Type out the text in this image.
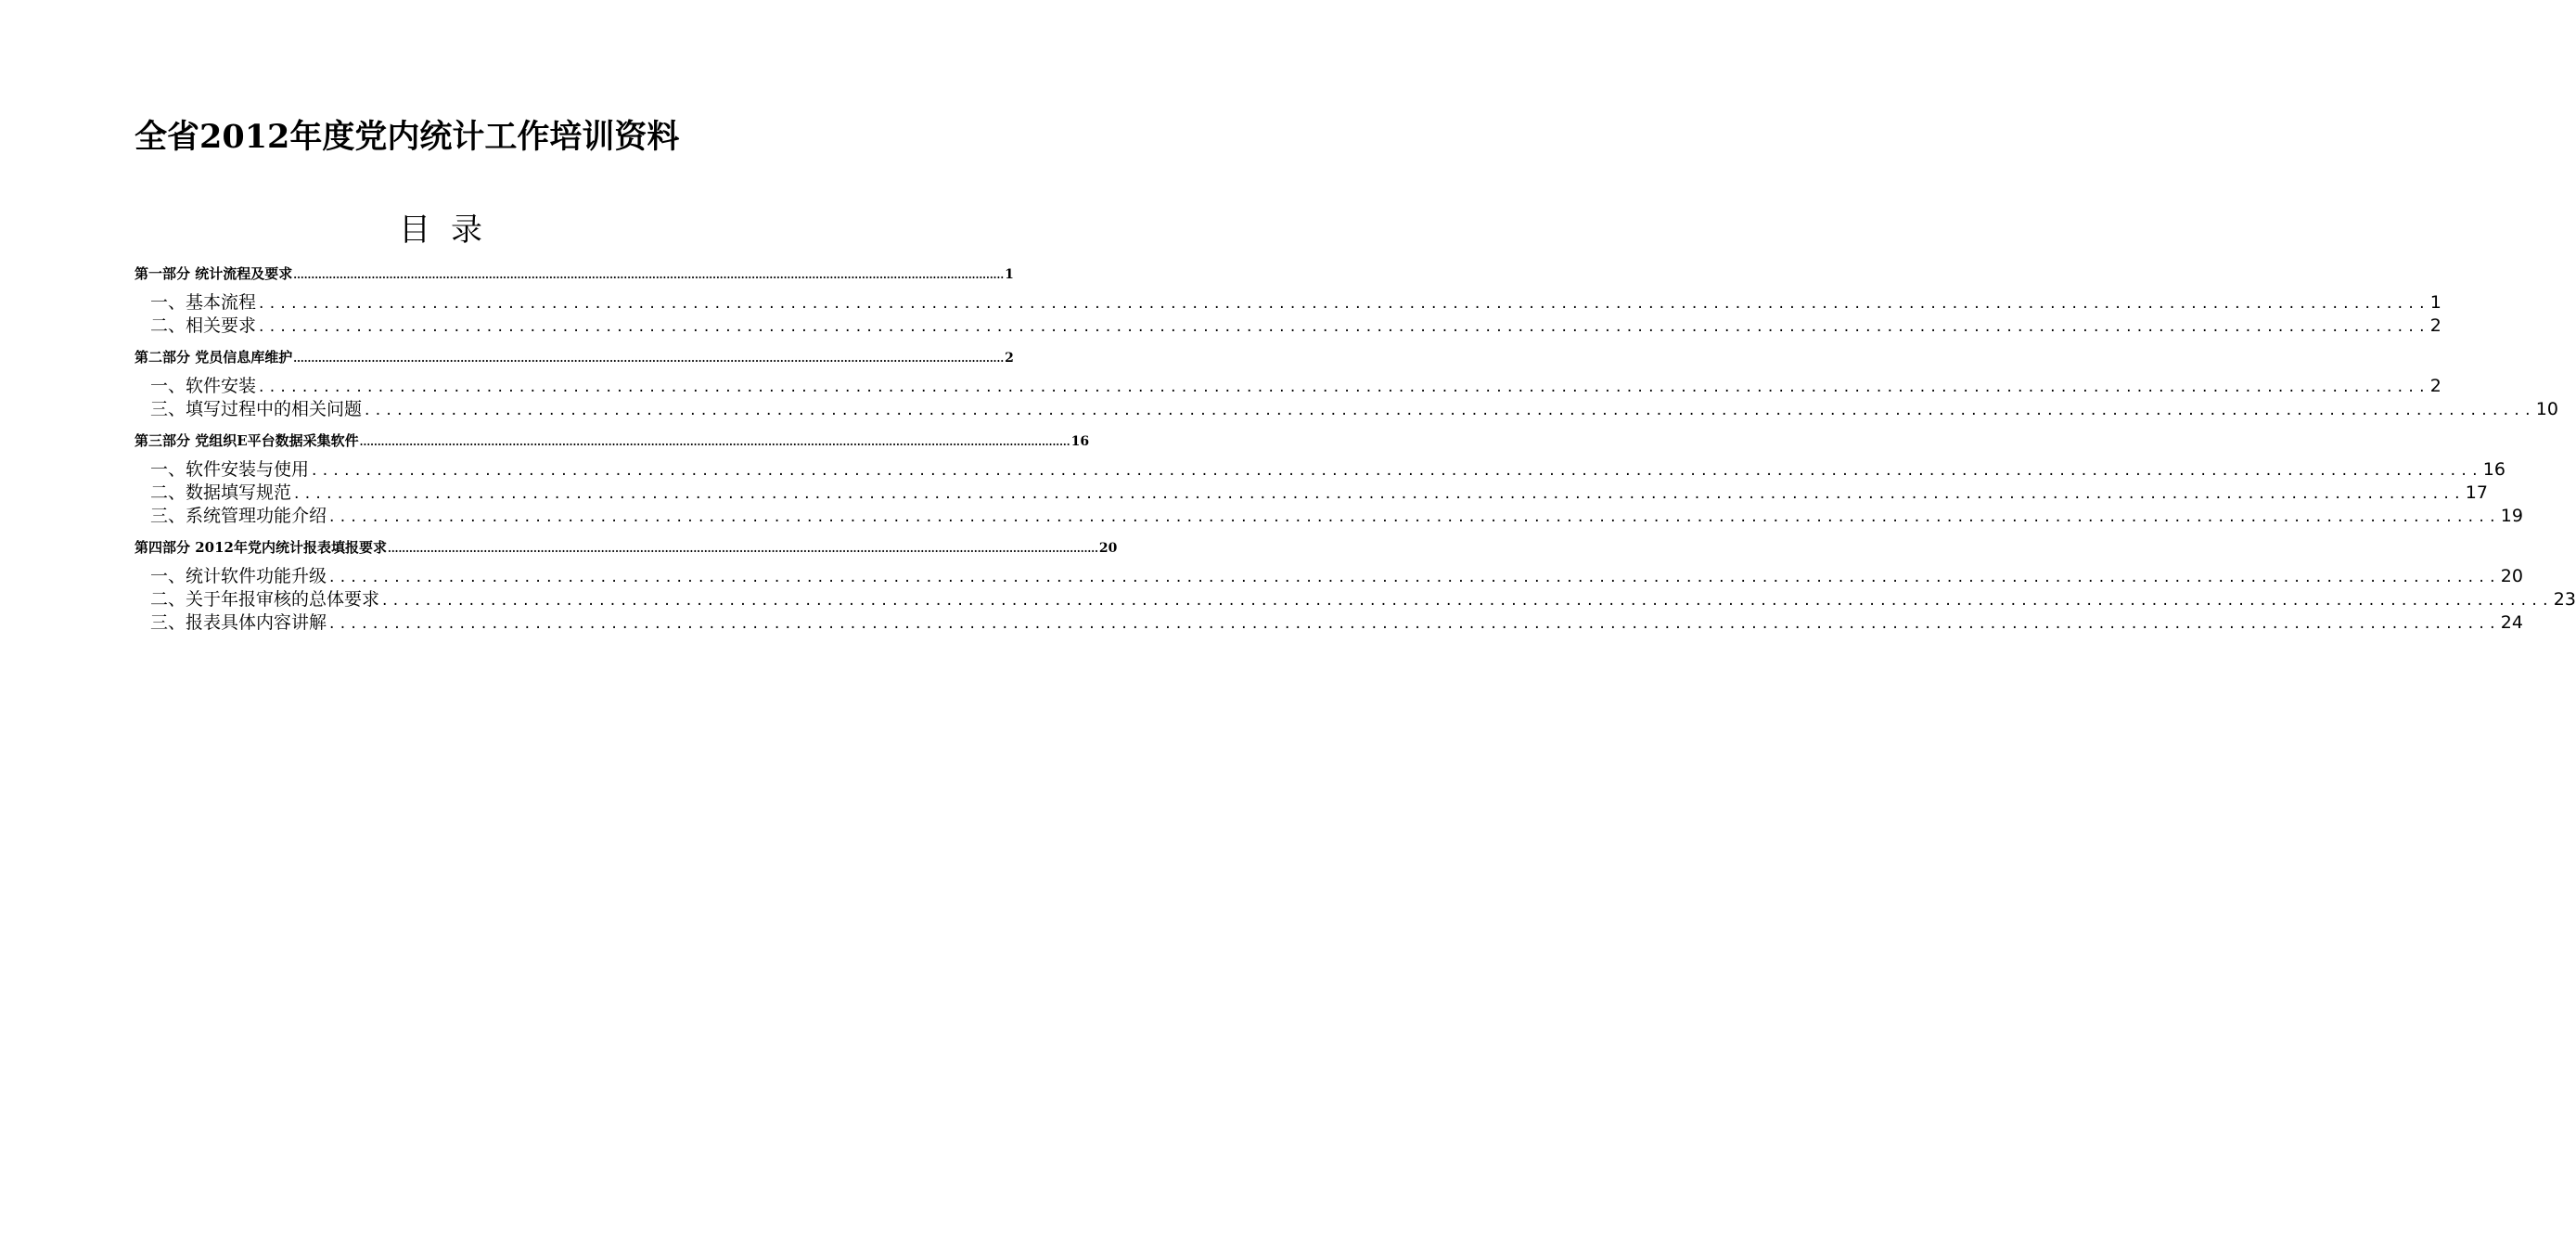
全省2012年度党内统计工作培训资料
目录
第一部分 统计流程及要求 ........................................................................................................................................................................................................ 1
一、基本流程 ........................................................................................................................................................................................................ 1
二、相关要求 ........................................................................................................................................................................................................ 2
第二部分 党员信息库维护 ........................................................................................................................................................................................................ 2
一、软件安装 ........................................................................................................................................................................................................ 2
三、填写过程中的相关问题 ........................................................................................................................................................................................................ 10
第三部分 党组织E平台数据采集软件 ........................................................................................................................................................................................................ 16
一、软件安装与使用 ........................................................................................................................................................................................................ 16
二、数据填写规范 ........................................................................................................................................................................................................ 17
三、系统管理功能介绍 ........................................................................................................................................................................................................ 19
第四部分 2012年党内统计报表填报要求 ........................................................................................................................................................................................................ 20
一、统计软件功能升级 ........................................................................................................................................................................................................ 20
二、关于年报审核的总体要求 ........................................................................................................................................................................................................ 23
三、报表具体内容讲解 ........................................................................................................................................................................................................ 24
